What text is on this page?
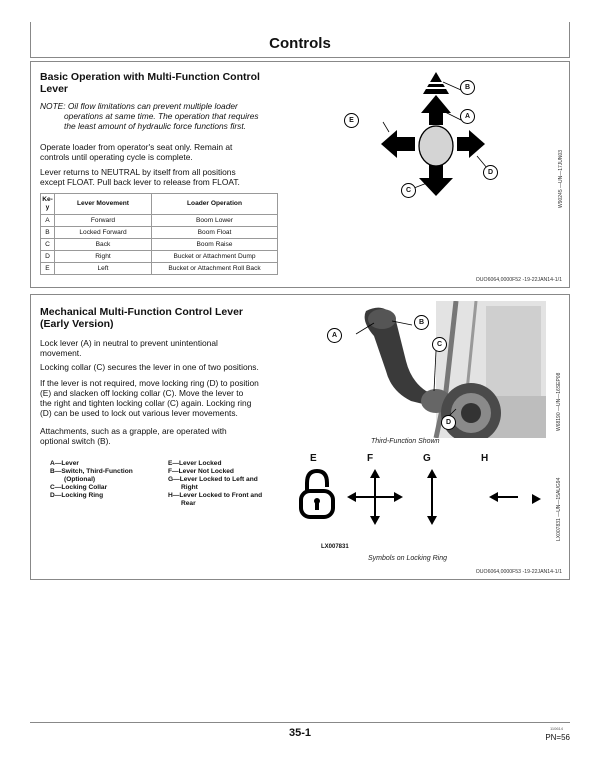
Controls
Basic Operation with Multi-Function Control Lever
NOTE: Oil flow limitations can prevent multiple loader
operations at same time. The operation that requires
the least amount of hydraulic force functions first.
Operate loader from operator's seat only. Remain at
controls until operating cycle is complete.
Lever returns to NEUTRAL by itself from all positions
except FLOAT. Pull back lever to release from FLOAT.
Ke-
y	Lever Movement	Loader Operation
A	Forward	Boom Lower
B	Locked Forward	Boom Float
C	Back	Boom Raise
D	Right	Bucket or Attachment Dump
E	Left	Bucket or Attachment Roll Back
B
A
E
C
D	W90245 —UN—17JUN03
OUO6064,0000F52 -19-22JAN14-1/1
Mechanical Multi-Function Control Lever
(Early Version)
Lock lever (A) in neutral to prevent unintentional
movement.
Locking collar (C) secures the lever in one of two positions.
If the lever is not required, move locking ring (D) to position
(E) and slacken off locking collar (C). Move the lever to
the right and tighten locking collar (C) again. Locking ring
(D) can be used to lock out various lever movements.
Attachments, such as a grapple, are operated with
optional switch (B).
A—Lever
B—Switch, Third-Function
(Optional)
C—Locking Collar
D—Locking Ring
E—Lever Locked
F—Lever Not Locked
G—Lever Locked to Left and
Right
H—Lever Locked to Front and
Rear
A
B
C
D
Third-Function Shown
W68190 —UN—16SEP08
E	F	G	H
LX007831
Symbols on Locking Ring
LX007831 —UN—15AUG94
OUO6064,0000F53 -19-22JAN14-1/1
35-1	110614
PN=56
